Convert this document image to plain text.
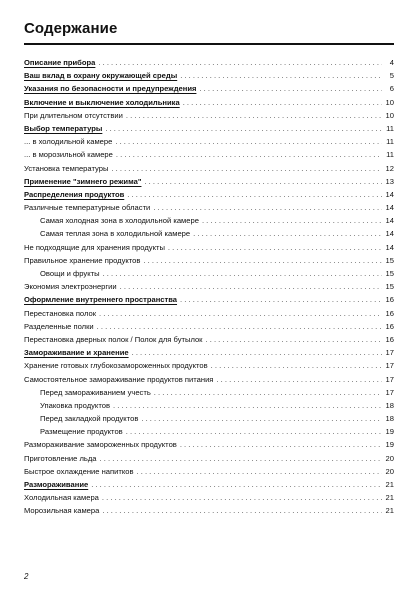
Содержание
Описание прибора . . .	4
Ваш вклад в охрану окружающей среды . . .	5
Указания по безопасности и предупреждения . . .	6
Включение и выключение холодильника . . .	10
При длительном отсутствии . . .	10
Выбор температуры . . .	11
... в холодильной камере . . .	11
... в морозильной камере . . .	11
Установка температуры . . .	12
Применение "зимнего режима" . . .	13
Распределения продуктов . . .	14
Различные температурные области . . .	14
Самая холодная зона в холодильной камере . . .	14
Самая теплая зона в холодильной камере . . .	14
Не подходящие для хранения продукты . . .	14
Правильное хранение продуктов . . .	15
Овощи и фрукты . . .	15
Экономия электроэнергии . . .	15
Оформление внутреннего пространства . . .	16
Перестановка полок . . .	16
Разделенные полки . . .	16
Перестановка дверных полок / Полок для бутылок . . .	16
Замораживание и хранение . . .	17
Хранение готовых глубокозамороженных продуктов . . .	17
Самостоятельное замораживание продуктов питания . . .	17
Перед замораживанием учесть . . .	17
Упаковка продуктов . . .	18
Перед закладкой продуктов . . .	18
Размещение продуктов . . .	19
Размораживание замороженных продуктов . . .	19
Приготовление льда . . .	20
Быстрое охлаждение напитков . . .	20
Размораживание . . .	21
Холодильная камера . . .	21
Морозильная камера . . .	21
2
